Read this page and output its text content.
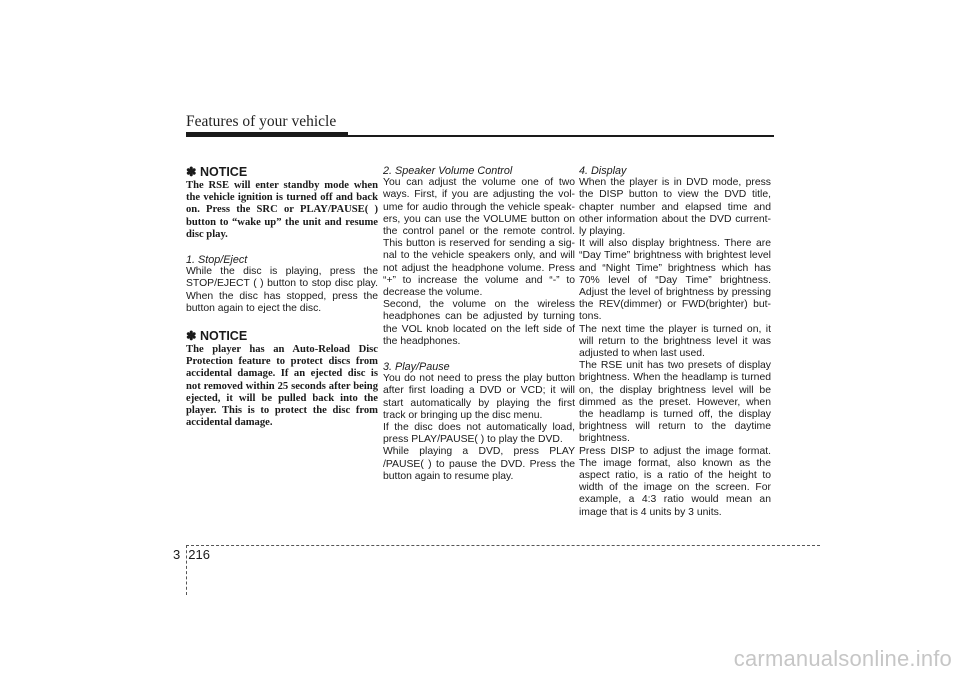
Features of your vehicle

✽ NOTICE

The RSE will enter standby mode when the vehicle ignition is turned off and back on. Press the SRC or PLAY/PAUSE( ) button to “wake up” the unit and resume disc play.

1. Stop/Eject

While the disc is playing, press the STOP/EJECT ( ) button to stop disc play. When the disc has stopped, press the button again to eject the disc.

✽ NOTICE

The player has an Auto-Reload Disc Protection feature to protect discs from accidental damage. If an ejected disc is not removed within 25 seconds after being ejected, it will be pulled back into the player. This is to protect the disc from accidental damage.

2. Speaker Volume Control

You can adjust the volume one of two ways. First, if you are adjusting the vol- ume for audio through the vehicle speak- ers, you can use the VOLUME button on the control panel or the remote control. This button is reserved for sending a sig- nal to the vehicle speakers only, and will not adjust the headphone volume. Press “+” to increase the volume and “-” to decrease the volume.

Second, the volume on the wireless headphones can be adjusted by turning the VOL knob located on the left side of the headphones.

3. Play/Pause

You do not need to press the play button after first loading a DVD or VCD; it will start automatically by playing the first track or bringing up the disc menu.

If the disc does not automatically load, press PLAY/PAUSE( ) to play the DVD.

While playing a DVD, press PLAY /PAUSE( ) to pause the DVD. Press the button again to resume play.

4. Display

When the player is in DVD mode, press the DISP button to view the DVD title, chapter number and elapsed time and other information about the DVD current- ly playing.

It will also display brightness. There are “Day Time” brightness with brightest level and “Night Time” brightness which has 70% level of “Day Time” brightness. Adjust the level of brightness by pressing the REV(dimmer) or FWD(brighter) but- tons.

The next time the player is turned on, it will return to the brightness level it was adjusted to when last used.

The RSE unit has two presets of display brightness. When the headlamp is turned on, the display brightness level will be dimmed as the preset. However, when the headlamp is turned off, the display brightness will return to the daytime brightness.

Press DISP to adjust the image format. The image format, also known as the aspect ratio, is a ratio of the height to width of the image on the screen. For example, a 4:3 ratio would mean an image that is 4 units by 3 units.

3 216
carmanualsonline.info
